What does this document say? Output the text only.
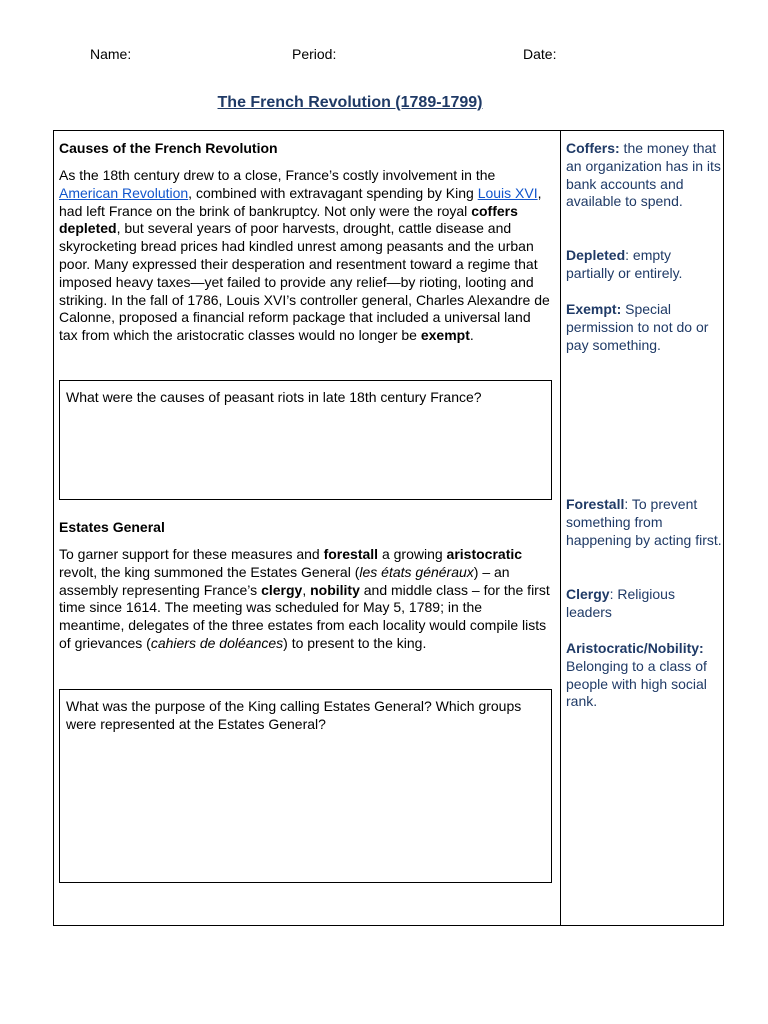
Name:	Period:	Date:
The French Revolution (1789-1799)
Causes of the French Revolution
As the 18th century drew to a close, France’s costly involvement in the American Revolution, combined with extravagant spending by King Louis XVI, had left France on the brink of bankruptcy. Not only were the royal coffers depleted, but several years of poor harvests, drought, cattle disease and skyrocketing bread prices had kindled unrest among peasants and the urban poor. Many expressed their desperation and resentment toward a regime that imposed heavy taxes—yet failed to provide any relief—by rioting, looting and striking. In the fall of 1786, Louis XVI’s controller general, Charles Alexandre de Calonne, proposed a financial reform package that included a universal land tax from which the aristocratic classes would no longer be exempt.
What were the causes of peasant riots in late 18th century France?
Estates General
To garner support for these measures and forestall a growing aristocratic revolt, the king summoned the Estates General (les états généraux) – an assembly representing France’s clergy, nobility and middle class – for the first time since 1614. The meeting was scheduled for May 5, 1789; in the meantime, delegates of the three estates from each locality would compile lists of grievances (cahiers de doléances) to present to the king.
What was the purpose of the King calling Estates General? Which groups were represented at the Estates General?
Coffers: the money that an organization has in its bank accounts and available to spend.
Depleted: empty partially or entirely.
Exempt: Special permission to not do or pay something.
Forestall: To prevent something from happening by acting first.
Clergy: Religious leaders
Aristocratic/Nobility: Belonging to a class of people with high social rank.
